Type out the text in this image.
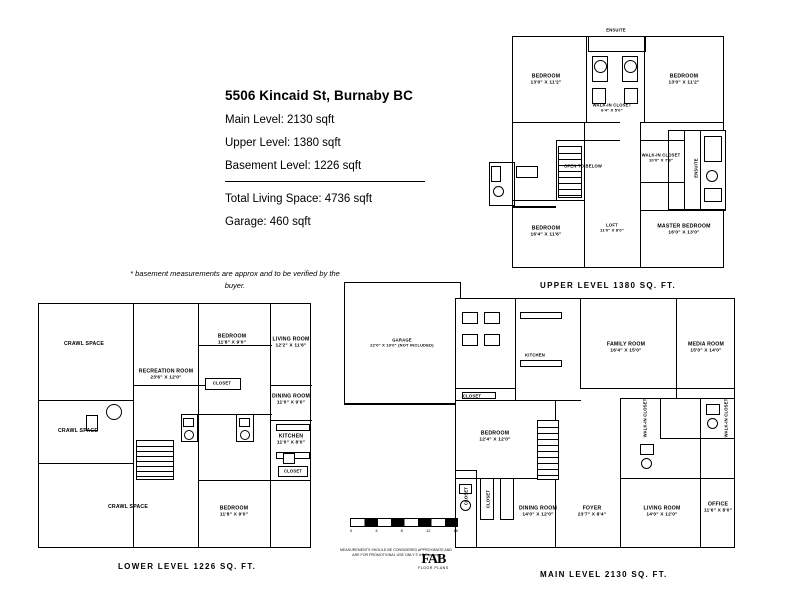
5506 Kincaid St, Burnaby BC
Main Level: 2130 sqft
Upper Level: 1380 sqft
Basement Level: 1226 sqft
Total Living Space: 4736 sqft
Garage: 460 sqft
* basement measurements are approx and to be verified by the buyer.
ENSUITE
BEDROOM
13'0" X 11'2"
BEDROOM
13'0" X 11'2"
WALK-IN CLOSET
6'4" X 5'0"
WALK-IN CLOSET
10'0" X 7'8"
OPEN TO BELOW	ENSUITE
BEDROOM
16'4" X 11'6"
LOFT
11'0" X 8'0"
MASTER BEDROOM
16'0" X 13'0"
UPPER LEVEL 1380 SQ. FT.
CRAWL SPACE
CRAWL SPACE
CRAWL SPACE
RECREATION ROOM
23'6" X 12'0"
CLOSET
BEDROOM
11'8" X 9'0"
LIVING ROOM
12'2" X 11'6"
DINING ROOM
11'0" X 9'0"
KITCHEN
11'0" X 8'0"
CLOSET
BEDROOM
11'8" X 9'0"
LOWER LEVEL 1226 SQ. FT.
GARAGE
22'0" X 19'0" (NOT INCLUDED)
KITCHEN
FAMILY ROOM
16'4" X 15'0"
MEDIA ROOM
15'0" X 14'0"
CLOSET
BEDROOM
12'4" X 12'0"
WALK-IN CLOSET	WALK-IN CLOSET
DINING ROOM
14'0" X 12'0"
FOYER
23'7" X 8'4"
LIVING ROOM
14'0" X 12'0"
OFFICE
11'6" X 8'0"
CLOSET	CLOSET
MAIN LEVEL 2130 SQ. FT.
0	4	8	12	16
MEASUREMENTS SHOULD BE CONSIDERED APPROXIMATE AND ARE FOR PROMOTIONAL USE ONLY © A F D Incorp.
FAB
FLOOR PLANS
